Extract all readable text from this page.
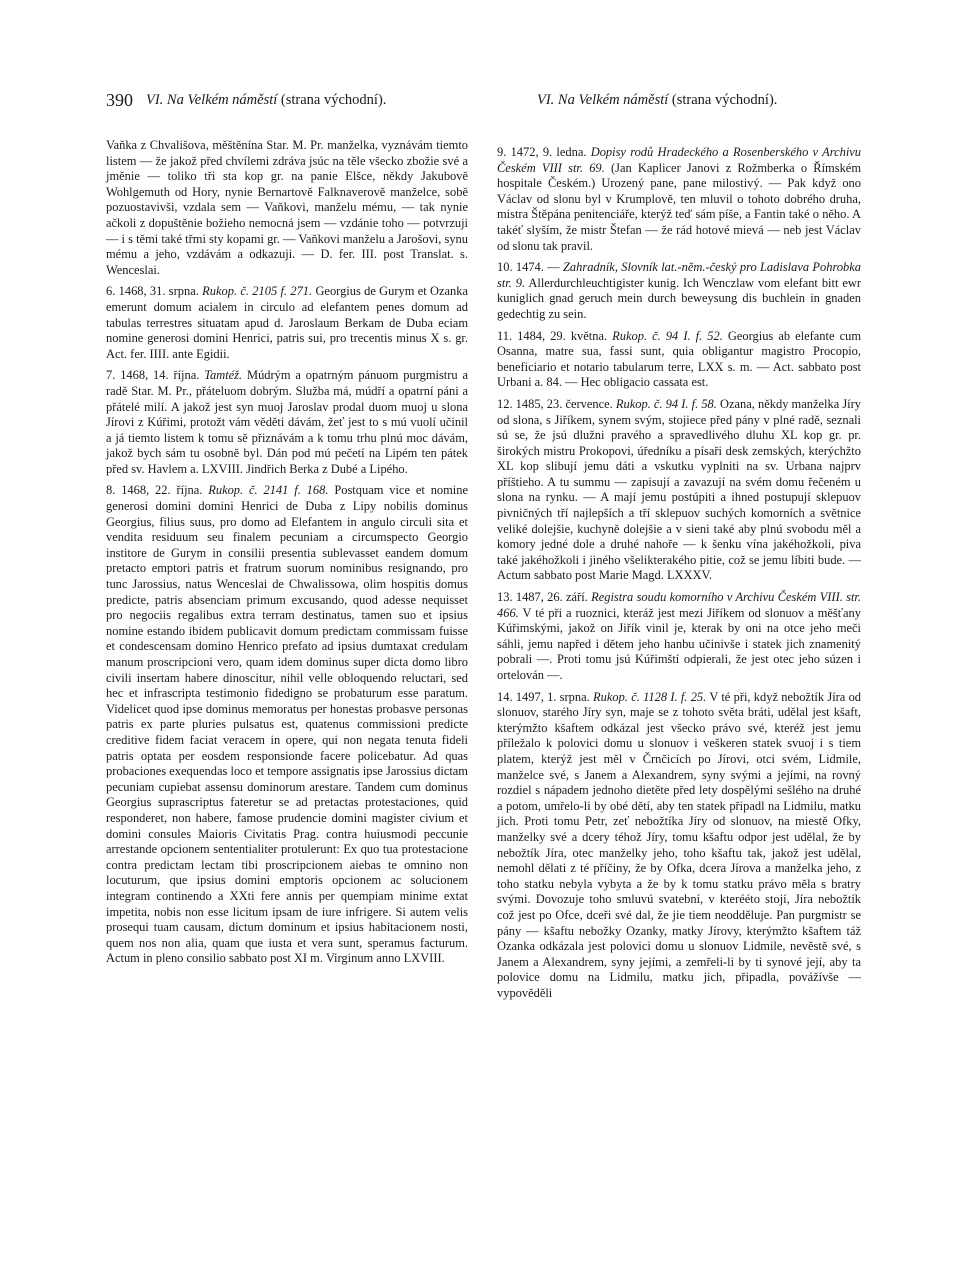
390 VI. Na Velkém náměstí (strana východní).	VI. Na Velkém náměstí (strana východní).

Vaňka z Chvališova, měštěnína Star. M. Pr. manželka, vyznávám tiemto listem — že jakož před chvílemi zdráva jsúc na těle všecko zbožie své a jměnie — toliko tři sta kop gr. na panie Elšce, někdy Jakubově Wohlgemuth od Hory, nynie Bernartově Falknaverově manželce, sobě pozuostavivši, vzdala sem — Vaňkovi, manželu mému, — tak nynie ačkoli z dopuštěnie božieho nemocná jsem — vzdánie toho — potvrzuji — i s těmi také třmi sty kopami gr. — Vaňkovi manželu a Jarošovi, synu mému a jeho, vzdávám a odkazuji. — D. fer. III. post Translat. s. Wenceslai.

6. 1468, 31. srpna. Rukop. č. 2105 f. 271. Georgius de Gurym et Ozanka emerunt domum acialem in circulo ad elefantem penes domum ad tabulas terrestres situatam apud d. Jaroslaum Berkam de Duba eciam nomine generosi domini Henrici, patris sui, pro trecentis minus X s. gr. Act. fer. IIII. ante Egidii.

7. 1468, 14. října. Tamtéž. Múdrým a opatrným pánuom purgmistru a radě Star. M. Pr., přáteluom dobrým. Služba má, múdří a opatrní páni a přátelé milí. A jakož jest syn muoj Jaroslav prodal duom muoj u slona Jírovi z Kúřimi, protožt vám věděti dávám, žeť jest to s mú vuolí učinil a já tiemto listem k tomu sě přiznávám a k tomu trhu plnú moc dávám, jakož bych sám tu osobně byl. Dán pod mú pečetí na Lipém ten pátek před sv. Havlem a. LXVIII. Jindřich Berka z Dubé a Lipého.

8. 1468, 22. října. Rukop. č. 2141 f. 168. Postquam vice et nomine generosi domini domini Henrici de Duba z Lipy nobilis dominus Georgius, filius suus, pro domo ad Elefantem in angulo circuli sita et vendita residuum seu finalem pecuniam a circumspecto Georgio institore de Gurym in consilii presentia sublevasset eandem domum pretacto emptori patris et fratrum suorum nominibus resignando, pro tunc Jarossius, natus Wenceslai de Chwalissowa, olim hospitis domus predicte, patris absenciam primum excusando, quod adesse nequisset pro negociis regalibus extra terram destinatus, tamen suo et ipsius nomine estando ibidem publicavit domum predictam commissam fuisse et condescensam domino Henrico prefato ad ipsius dumtaxat credulam manum proscripcioni vero, quam idem dominus super dicta domo libro civili insertam habere dinoscitur, nihil velle obloquendo reluctari, sed hec et infrascripta testimonio fidedigno se probaturum esse paratum. Videlicet quod ipse dominus memoratus per honestas probasve personas patris ex parte pluries pulsatus est, quatenus commissioni predicte creditive fidem faciat veracem in opere, qui non negata tenuta fideli patris optata per eosdem responsionde facere policebatur. Ad quas probaciones exequendas loco et tempore assignatis ipse Jarossius dictam pecuniam cupiebat assensu dominorum arestare. Tandem cum dominus Georgius suprascriptus fatеretur se ad pretactas protestaciones, quid responderet, non habere, famose prudencie domini magister civium et domini consules Maioris Civitatis Prag. contra huiusmodi peccunie arrestande opcionem sententialiter protulerunt: Ex quo tua protestacione contra predictam lectam tibi proscripcionem aiebas te omnino non locuturum, que ipsius domini emptoris opcionem ac solucionem integram continendo a XXti fere annis per quempiam minime extat impetita, nobis non esse licitum ipsam de iure infrigere. Si autem velis prosequi tuam causam, dictum dominum et ipsius habitacionem nosti, quem nos non alia, quam que iusta et vera sunt, speramus facturum. Actum in pleno consilio sabbato post XI m. Virginum anno LXVIII.

9. 1472, 9. ledna. Dopisy rodů Hradeckého a Rosenberského v Archivu Českém VIII str. 69. (Jan Kaplicer Janovi z Rožmberka o Římském hospitale Českém.) Urozený pane, pane milostivý. — Pak když ono Václav od slonu byl v Krumplově, ten mluvil o tohoto dobrého druha, mistra Štěpána penitenciáře, kterýž teď sám píše, a Fantin také o něho. A takéť slyším, že mistr Štefan — že rád hotové mievá — neb jest Václav od slonu tak pravil.

10. 1474. — Zahradník, Slovník lat.-něm.-český pro Ladislava Pohrobka str. 9. Allerdurchleuchtigister kunig. Ich Wenczlaw vom elefant bitt ewr kuniglich gnad geruch mein durch beweysung dis buchlein in gnaden gedechtig zu sein.

11. 1484, 29. května. Rukop. č. 94 I. f. 52. Georgius ab elefante cum Osanna, matre sua, fassi sunt, quia obligantur magistro Procopio, beneficiario et notario tabularum terre, LXX s. m. — Act. sabbato post Urbani a. 84. — Hec obligacio cassata est.

12. 1485, 23. července. Rukop. č. 94 I. f. 58. Ozana, někdy manželka Jíry od slona, s Jiříkem, synem svým, stojiece před pány v plné radě, seznali sú se, že jsú dlužni pravého a spravedlivého dluhu XL kop gr. pr. širokých mistru Prokopovi, úředníku a písaři desk zemských, kterýchžto XL kop slibují jemu dáti a vskutku vyplniti na sv. Urbana najprv příštieho. A tu summu — zapisují a zavazují na svém domu řečeném u slona na rynku. — A mají jemu postúpiti a ihned postupují sklepuov pivničných tří najlepších a tří sklepuov suchých komorních a světnice veliké dolejšie, kuchyně dolejšie a v sieni také aby plnú svobodu měl a komory jedné dole a druhé nahoře — k šenku vína jakéhožkoli, piva také jakéhožkoli i jiného všelikterakého pitie, což se jemu líbiti bude. — Actum sabbato post Marie Magd. LXXXV.

13. 1487, 26. září. Registra soudu komorního v Archivu Českém VIII. str. 466. V té při a ruoznici, kteráž jest mezi Jiříkem od slonuov a měšťany Kúřimskými, jakož on Jiřík vinil je, kterak by oni na otce jeho meči sáhli, jemu napřed i dětem jeho hanbu učinivše i statek jich znamenitý pobrali —. Proti tomu jsú Kúřimští odpierali, že jest otec jeho súzen i ortelován —.

14. 1497, 1. srpna. Rukop. č. 1128 I. f. 25. V té při, když nebožtík Jíra od slonuov, starého Jíry syn, maje se z tohoto světa bráti, udělal jest kšaft, kterýmžto kšaftem odkázal jest všecko právo své, kteréž jest jemu příležalo k polovici domu u slonuov i veškeren statek svuoj i s tiem platem, kterýž jest měl v Črnčicích po Jírovi, otci svém, Lidmile, manželce své, s Janem a Alexandrem, syny svými a jejími, na rovný rozdiel s nápadem jednoho dietěte před lety dospělými sešlého na druhé a potom, umřelo-li by obé dětí, aby ten statek připadl na Lidmilu, matku jich. Proti tomu Petr, zeť nebožtíka Jíry od slonuov, na miestě Ofky, manželky své a dcery téhož Jíry, tomu kšaftu odpor jest udělal, že by nebožtík Jíra, otec manželky jeho, toho kšaftu tak, jakož jest udělal, nemohl dělati z té příčiny, že by Ofka, dcera Jírova a manželka jeho, z toho statku nebyla vybyta a že by k tomu statku právo měla s bratry svými. Dovozuje toho smluvú svatební, v kterééto stojí, Jíra nebožtík což jest po Ofce, dceři své dal, že jie tiem neodděluje. Pan purgmistr se pány — kšaftu nebožky Ozanky, matky Jírovy, kterýmžto kšaftem táž Ozanka odkázala jest polovici domu u slonuov Lidmile, nevěstě své, s Janem a Alexandrem, syny jejími, a zemřeli-li by ti synové její, aby ta polovice domu na Lidmilu, matku jich, připadla, povážívše — vypověděli
